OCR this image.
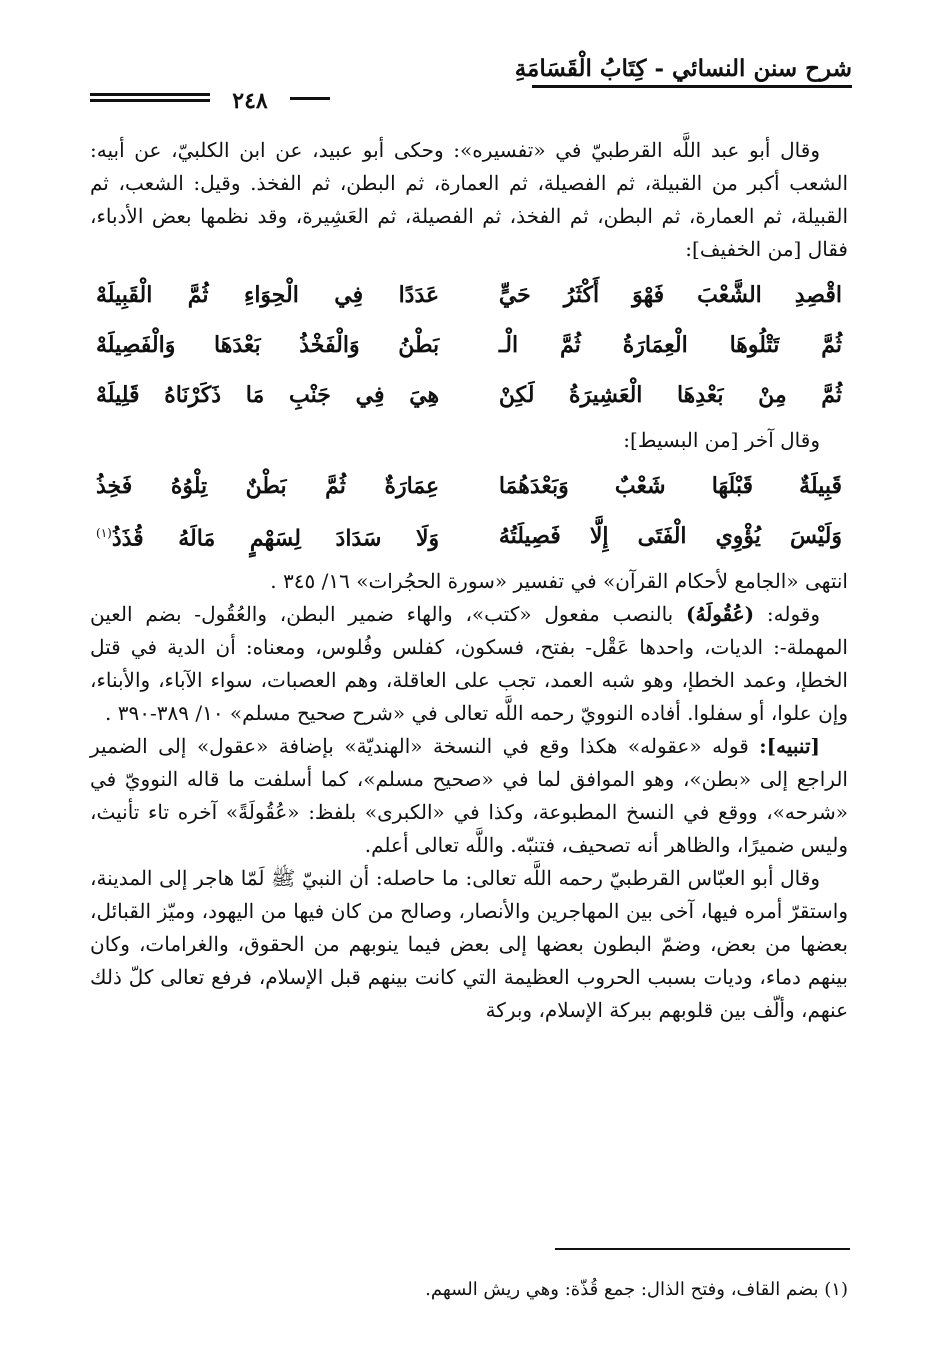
شرح سنن النسائي - كِتَابُ الْقَسَامَةِ
٢٤٨

وقال أبو عبد اللَّه القرطبيّ في «تفسيره»: وحكى أبو عبيد، عن ابن الكلبيّ، عن أبيه: الشعب أكبر من القبيلة، ثم الفصيلة، ثم العمارة، ثم البطن، ثم الفخذ. وقيل: الشعب، ثم القبيلة، ثم العمارة، ثم البطن، ثم الفخذ، ثم الفصيلة، ثم العَشِيرة، وقد نظمها بعض الأدباء، فقال [من الخفيف]:

اقْصِدِ الشَّعْبَ فَهْوَ أَكْثَرُ حَيٍّ
عَدَدًا فِي الْحِوَاءِ ثُمَّ الْقَبِيلَهْ
ثُمَّ تَتْلُوهَا الْعِمَارَةُ ثُمَّ الْـ
بَطْنُ وَالْفَخْذُ بَعْدَهَا وَالْفَصِيلَهْ
ثُمَّ مِنْ بَعْدِهَا الْعَشِيرَةُ لَكِنْ
هِيَ فِي جَنْبِ مَا ذَكَرْنَاهُ قَلِيلَهْ

وقال آخر [من البسيط]:

قَبِيلَةٌ قَبْلَهَا شَعْبٌ وَبَعْدَهُمَا
عِمَارَةٌ ثُمَّ بَطْنٌ تِلْوُهُ فَخِذُ
وَلَيْسَ يُؤْوِي الْفَتَى إِلَّا فَصِيلَتُهُ
وَلَا سَدَادَ لِسَهْمٍ مَالَهُ قُذَذُ$^{(١)}$

انتهى «الجامع لأحكام القرآن» في تفسير «سورة الحجُرات» ١٦/ ٣٤٥ .

وقوله: (عُقُولَهُ) بالنصب مفعول «كتب»، والهاء ضمير البطن، والعُقُول- بضم العين المهملة-: الديات، واحدها عَقْل- بفتح، فسكون، كفلس وفُلوس، ومعناه: أن الدية في قتل الخطإ، وعمد الخطإ، وهو شبه العمد، تجب على العاقلة، وهم العصبات، سواء الآباء، والأبناء، وإن علوا، أو سفلوا. أفاده النوويّ رحمه اللَّه تعالى في «شرح صحيح مسلم» ١٠/ ٣٨٩-٣٩٠ .

[تنبيه]: قوله «عقوله» هكذا وقع في النسخة «الهنديّة» بإضافة «عقول» إلى الضمير الراجع إلى «بطن»، وهو الموافق لما في «صحيح مسلم»، كما أسلفت ما قاله النوويّ في «شرحه»، ووقع في النسخ المطبوعة، وكذا في «الكبرى» بلفظ: «عُقُولَةً» آخره تاء تأنيث، وليس ضميرًا، والظاهر أنه تصحيف، فتنبّه. واللَّه تعالى أعلم.

وقال أبو العبّاس القرطبيّ رحمه اللَّه تعالى: ما حاصله: أن النبيّ ﷺ لَمّا هاجر إلى المدينة، واستقرّ أمره فيها، آخى بين المهاجرين والأنصار، وصالح من كان فيها من اليهود، وميّز القبائل، بعضها من بعض، وضمّ البطون بعضها إلى بعض فيما ينوبهم من الحقوق، والغرامات، وكان بينهم دماء، وديات بسبب الحروب العظيمة التي كانت بينهم قبل الإسلام، فرفع تعالى كلّ ذلك عنهم، وألّف بين قلوبهم ببركة الإسلام، وبركة

(١) بضم القاف، وفتح الذال: جمع قُذّة: وهي ريش السهم.
